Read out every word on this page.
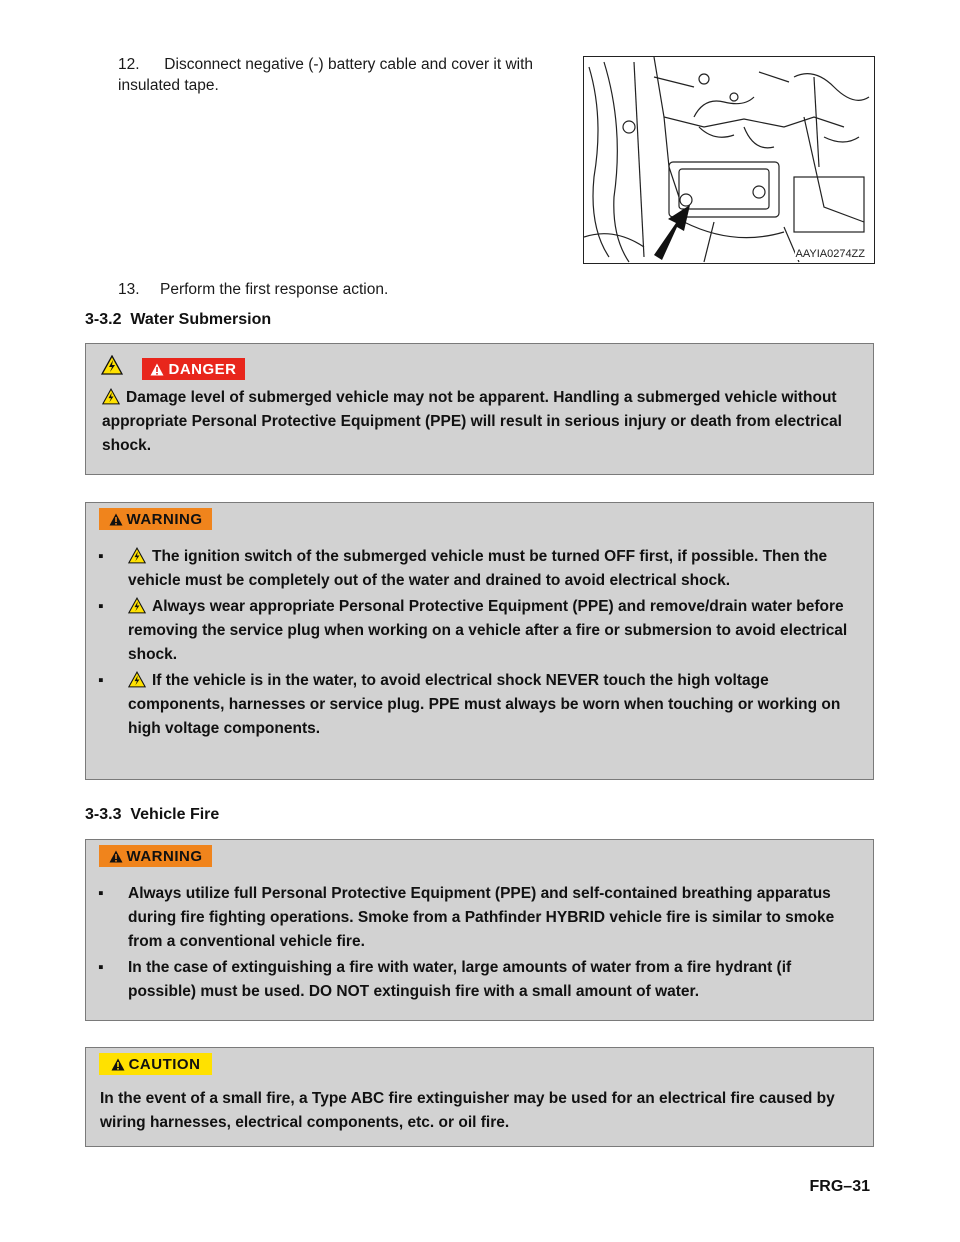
12. Disconnect negative (-) battery cable and cover it with insulated tape.
AAYIA0274ZZ
13. Perform the first response action.
3-3.2 Water Submersion
DANGER
Damage level of submerged vehicle may not be apparent. Handling a submerged vehicle without appropriate Personal Protective Equipment (PPE) will result in serious injury or death from electrical shock.
WARNING
▪	The ignition switch of the submerged vehicle must be turned OFF first, if possible. Then the vehicle must be completely out of the water and drained to avoid electrical shock.
▪	Always wear appropriate Personal Protective Equipment (PPE) and remove/drain water before removing the service plug when working on a vehicle after a fire or submersion to avoid electrical shock.
▪	If the vehicle is in the water, to avoid electrical shock NEVER touch the high voltage components, harnesses or service plug. PPE must always be worn when touching or working on high voltage components.
3-3.3 Vehicle Fire
WARNING
▪	Always utilize full Personal Protective Equipment (PPE) and self-contained breathing apparatus during fire fighting operations. Smoke from a Pathfinder HYBRID vehicle fire is similar to smoke from a conventional vehicle fire.
▪	In the case of extinguishing a fire with water, large amounts of water from a fire hydrant (if possible) must be used. DO NOT extinguish fire with a small amount of water.
CAUTION
In the event of a small fire, a Type ABC fire extinguisher may be used for an electrical fire caused by wiring harnesses, electrical components, etc. or oil fire.
FRG–31
